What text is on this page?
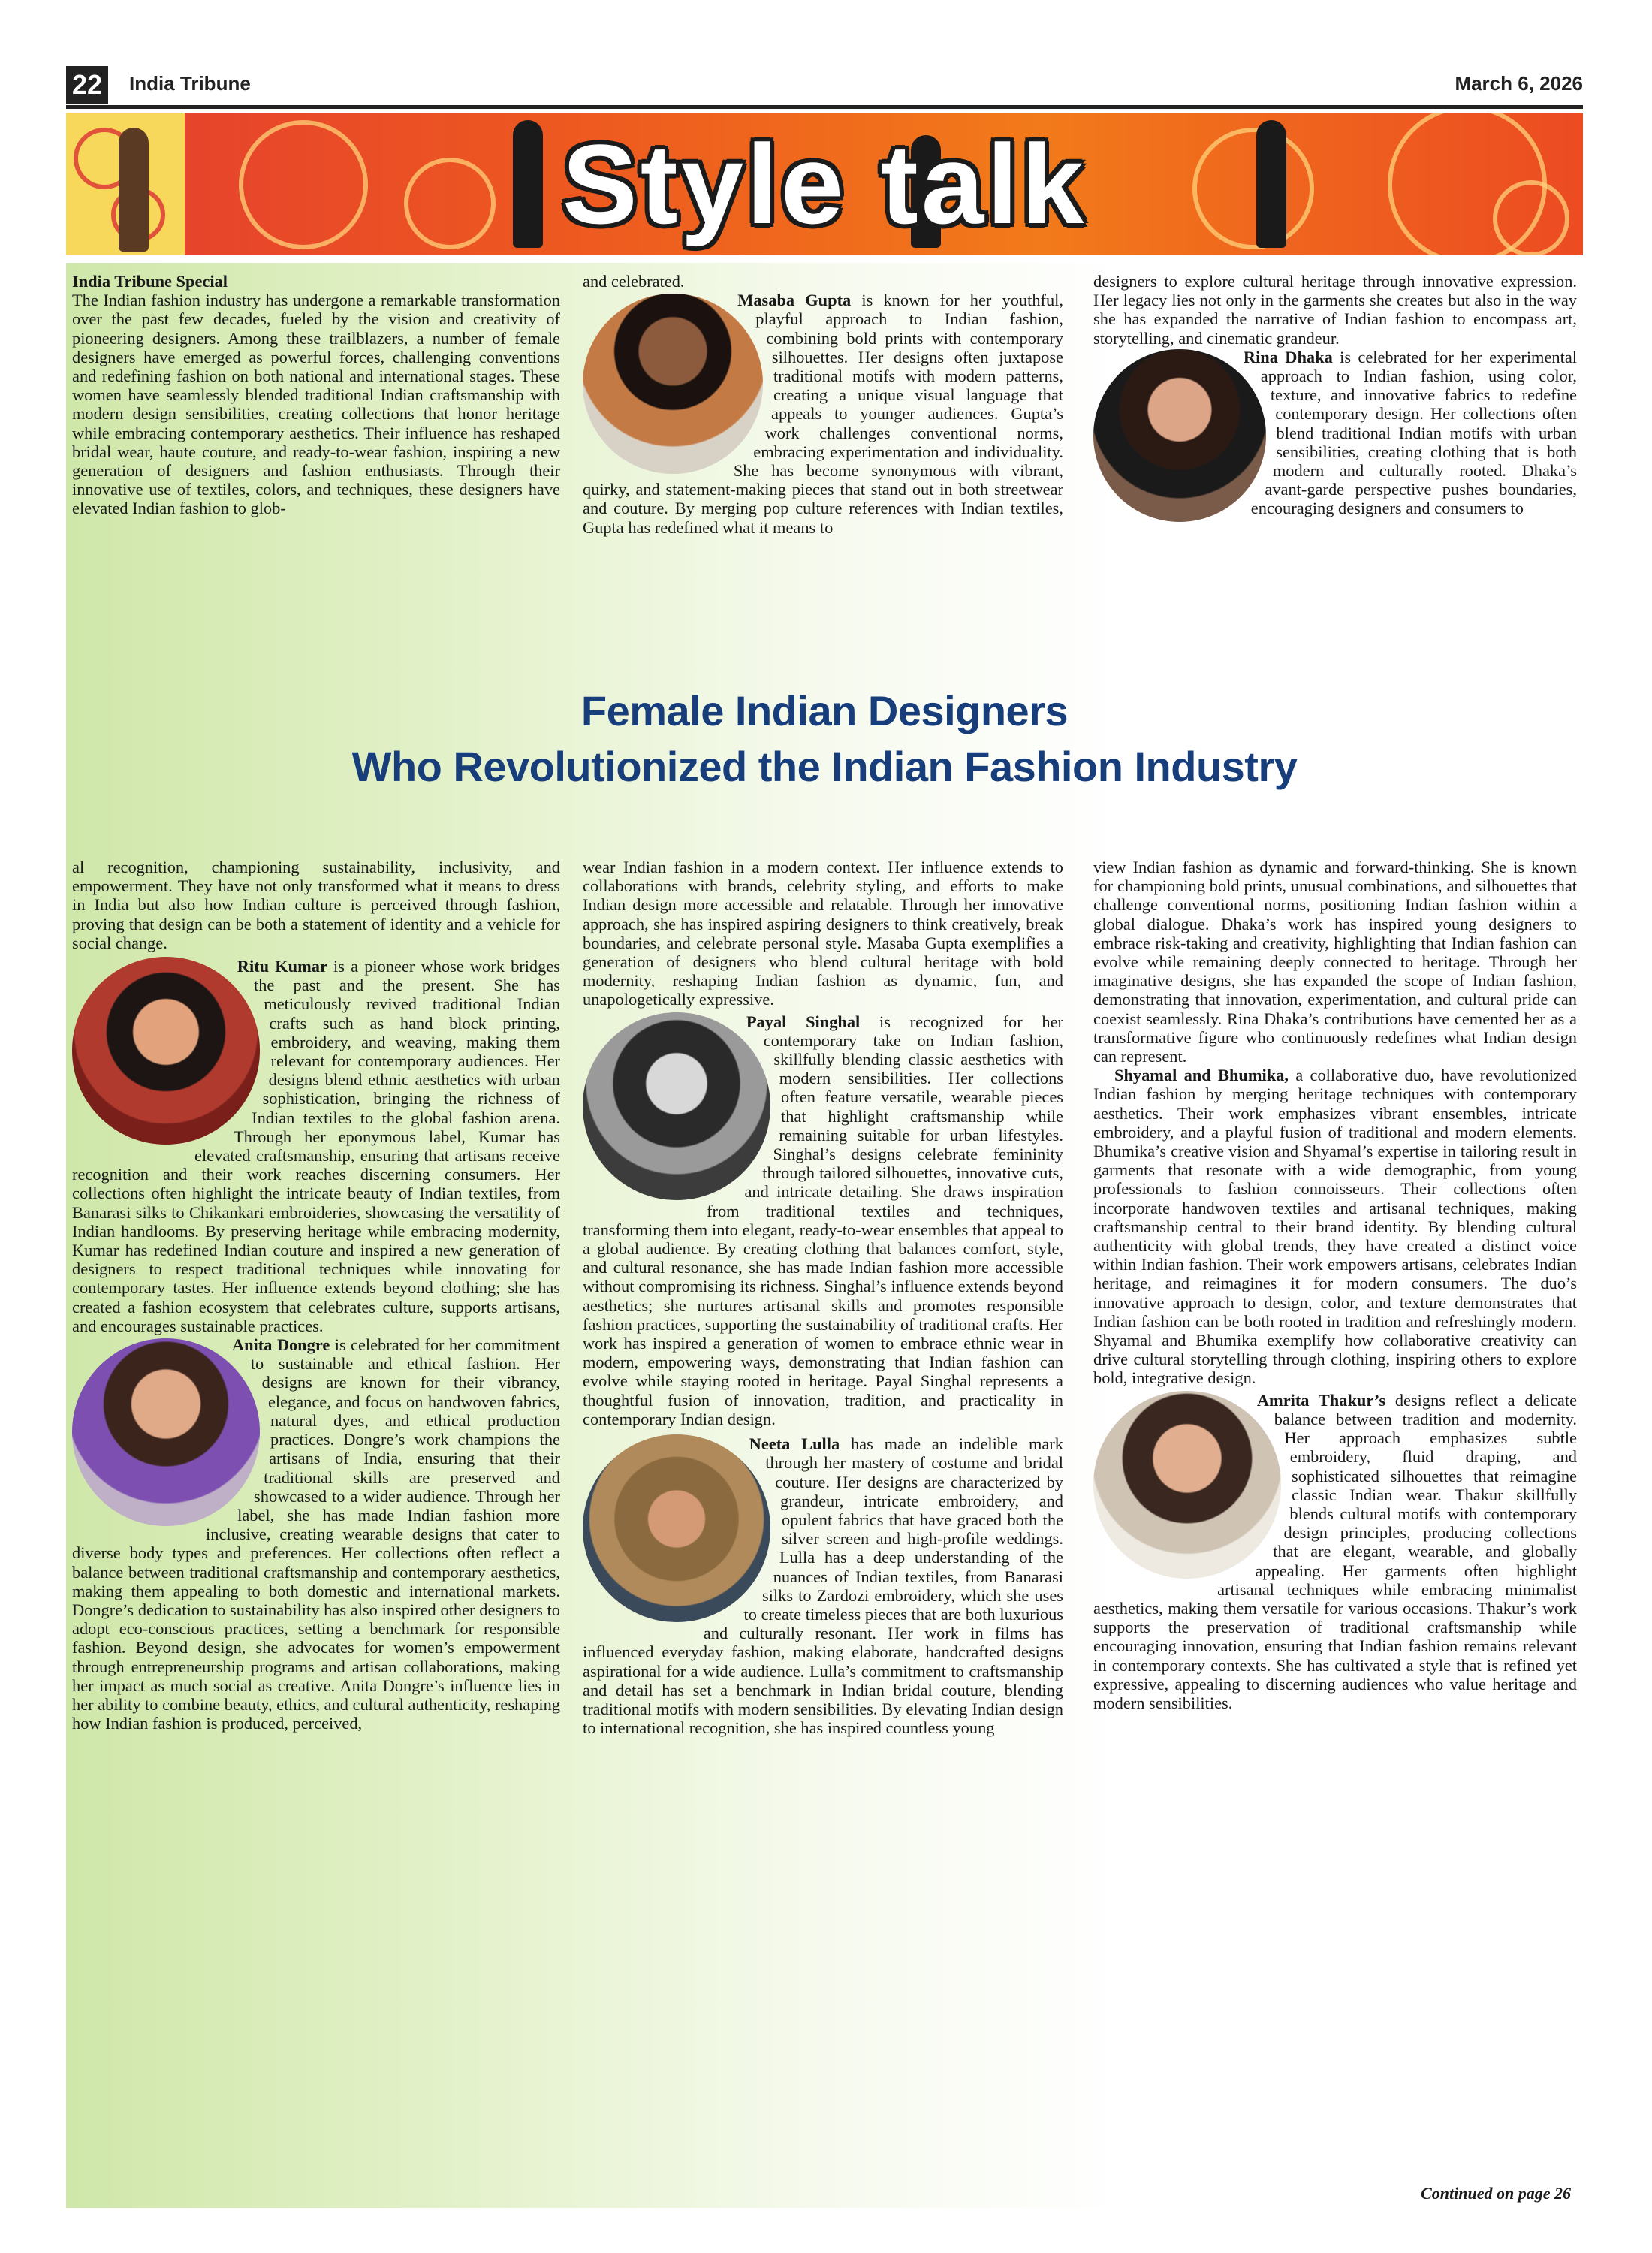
22	India Tribune	March 6, 2026
Style talk

India Tribune Special

The Indian fashion industry has undergone a remarkable transformation over the past few decades, fueled by the vision and creativity of pioneering designers. Among these trailblazers, a number of female designers have emerged as powerful forces, challenging conventions and redefining fashion on both national and international stages. These women have seamlessly blended traditional Indian craftsmanship with modern design sensibilities, creating collections that honor heritage while embracing contemporary aesthetics. Their influence has reshaped bridal wear, haute couture, and ready-to-wear fashion, inspiring a new generation of designers and fashion enthusiasts. Through their innovative use of textiles, colors, and techniques, these designers have elevated Indian fashion to glob-

and celebrated.

Masaba Gupta is known for her youthful, playful approach to Indian fashion, combining bold prints with contemporary silhouettes. Her designs often juxtapose traditional motifs with modern patterns, creating a unique visual language that appeals to younger audiences. Gupta’s work challenges conventional norms, embracing experimentation and individuality. She has become synonymous with vibrant, quirky, and statement-making pieces that stand out in both streetwear and couture. By merging pop culture references with Indian textiles, Gupta has redefined what it means to

designers to explore cultural heritage through innovative expression. Her legacy lies not only in the garments she creates but also in the way she has expanded the narrative of Indian fashion to encompass art, storytelling, and cinematic grandeur.

Rina Dhaka is celebrated for her experimental approach to Indian fashion, using color, texture, and innovative fabrics to redefine contemporary design. Her collections often blend traditional Indian motifs with urban sensibilities, creating clothing that is both modern and culturally rooted. Dhaka’s avant-garde perspective pushes boundaries, encouraging designers and consumers to

Female Indian Designers
Who Revolutionized the Indian Fashion Industry

al recognition, championing sustainability, inclusivity, and empowerment. They have not only transformed what it means to dress in India but also how Indian culture is perceived through fashion, proving that design can be both a statement of identity and a vehicle for social change.

Ritu Kumar is a pioneer whose work bridges the past and the present. She has meticulously revived traditional Indian crafts such as hand block printing, embroidery, and weaving, making them relevant for contemporary audiences. Her designs blend ethnic aesthetics with urban sophistication, bringing the richness of Indian textiles to the global fashion arena. Through her eponymous label, Kumar has elevated craftsmanship, ensuring that artisans receive recognition and their work reaches discerning consumers. Her collections often highlight the intricate beauty of Indian textiles, from Banarasi silks to Chikankari embroideries, showcasing the versatility of Indian handlooms. By preserving heritage while embracing modernity, Kumar has redefined Indian couture and inspired a new generation of designers to respect traditional techniques while innovating for contemporary tastes. Her influence extends beyond clothing; she has created a fashion ecosystem that celebrates culture, supports artisans, and encourages sustainable practices.

Anita Dongre is celebrated for her commitment to sustainable and ethical fashion. Her designs are known for their vibrancy, elegance, and focus on handwoven fabrics, natural dyes, and ethical production practices. Dongre’s work champions the artisans of India, ensuring that their traditional skills are preserved and showcased to a wider audience. Through her label, she has made Indian fashion more inclusive, creating wearable designs that cater to diverse body types and preferences. Her collections often reflect a balance between traditional craftsmanship and contemporary aesthetics, making them appealing to both domestic and international markets. Dongre’s dedication to sustainability has also inspired other designers to adopt eco-conscious practices, setting a benchmark for responsible fashion. Beyond design, she advocates for women’s empowerment through entrepreneurship programs and artisan collaborations, making her impact as much social as creative. Anita Dongre’s influence lies in her ability to combine beauty, ethics, and cultural authenticity, reshaping how Indian fashion is produced, perceived,

wear Indian fashion in a modern context. Her influence extends to collaborations with brands, celebrity styling, and efforts to make Indian design more accessible and relatable. Through her innovative approach, she has inspired aspiring designers to think creatively, break boundaries, and celebrate personal style. Masaba Gupta exemplifies a generation of designers who blend cultural heritage with bold modernity, reshaping Indian fashion as dynamic, fun, and unapologetically expressive.

Payal Singhal is recognized for her contemporary take on Indian fashion, skillfully blending classic aesthetics with modern sensibilities. Her collections often feature versatile, wearable pieces that highlight craftsmanship while remaining suitable for urban lifestyles. Singhal’s designs celebrate femininity through tailored silhouettes, innovative cuts, and intricate detailing. She draws inspiration from traditional textiles and techniques, transforming them into elegant, ready-to-wear ensembles that appeal to a global audience. By creating clothing that balances comfort, style, and cultural resonance, she has made Indian fashion more accessible without compromising its richness. Singhal’s influence extends beyond aesthetics; she nurtures artisanal skills and promotes responsible fashion practices, supporting the sustainability of traditional crafts. Her work has inspired a generation of women to embrace ethnic wear in modern, empowering ways, demonstrating that Indian fashion can evolve while staying rooted in heritage. Payal Singhal represents a thoughtful fusion of innovation, tradition, and practicality in contemporary Indian design.

Neeta Lulla has made an indelible mark through her mastery of costume and bridal couture. Her designs are characterized by grandeur, intricate embroidery, and opulent fabrics that have graced both the silver screen and high-profile weddings. Lulla has a deep understanding of the nuances of Indian textiles, from Banarasi silks to Zardozi embroidery, which she uses to create timeless pieces that are both luxurious and culturally resonant. Her work in films has influenced everyday fashion, making elaborate, handcrafted designs aspirational for a wide audience. Lulla’s commitment to craftsmanship and detail has set a benchmark in Indian bridal couture, blending traditional motifs with modern sensibilities. By elevating Indian design to international recognition, she has inspired countless young

view Indian fashion as dynamic and forward-thinking. She is known for championing bold prints, unusual combinations, and silhouettes that challenge conventional norms, positioning Indian fashion within a global dialogue. Dhaka’s work has inspired young designers to embrace risk-taking and creativity, highlighting that Indian fashion can evolve while remaining deeply connected to heritage. Through her imaginative designs, she has expanded the scope of Indian fashion, demonstrating that innovation, experimentation, and cultural pride can coexist seamlessly. Rina Dhaka’s contributions have cemented her as a transformative figure who continuously redefines what Indian design can represent.

Shyamal and Bhumika, a collaborative duo, have revolutionized Indian fashion by merging heritage techniques with contemporary aesthetics. Their work emphasizes vibrant ensembles, intricate embroidery, and a playful fusion of traditional and modern elements. Bhumika’s creative vision and Shyamal’s expertise in tailoring result in garments that resonate with a wide demographic, from young professionals to fashion connoisseurs. Their collections often incorporate handwoven textiles and artisanal techniques, making craftsmanship central to their brand identity. By blending cultural authenticity with global trends, they have created a distinct voice within Indian fashion. Their work empowers artisans, celebrates Indian heritage, and reimagines it for modern consumers. The duo’s innovative approach to design, color, and texture demonstrates that Indian fashion can be both rooted in tradition and refreshingly modern. Shyamal and Bhumika exemplify how collaborative creativity can drive cultural storytelling through clothing, inspiring others to explore bold, integrative design.

Amrita Thakur’s designs reflect a delicate balance between tradition and modernity. Her approach emphasizes subtle embroidery, fluid draping, and sophisticated silhouettes that reimagine classic Indian wear. Thakur skillfully blends cultural motifs with contemporary design principles, producing collections that are elegant, wearable, and globally appealing. Her garments often highlight artisanal techniques while embracing minimalist aesthetics, making them versatile for various occasions. Thakur’s work supports the preservation of traditional craftsmanship while encouraging innovation, ensuring that Indian fashion remains relevant in contemporary contexts. She has cultivated a style that is refined yet expressive, appealing to discerning audiences who value heritage and modern sensibilities.

Continued on page 26
